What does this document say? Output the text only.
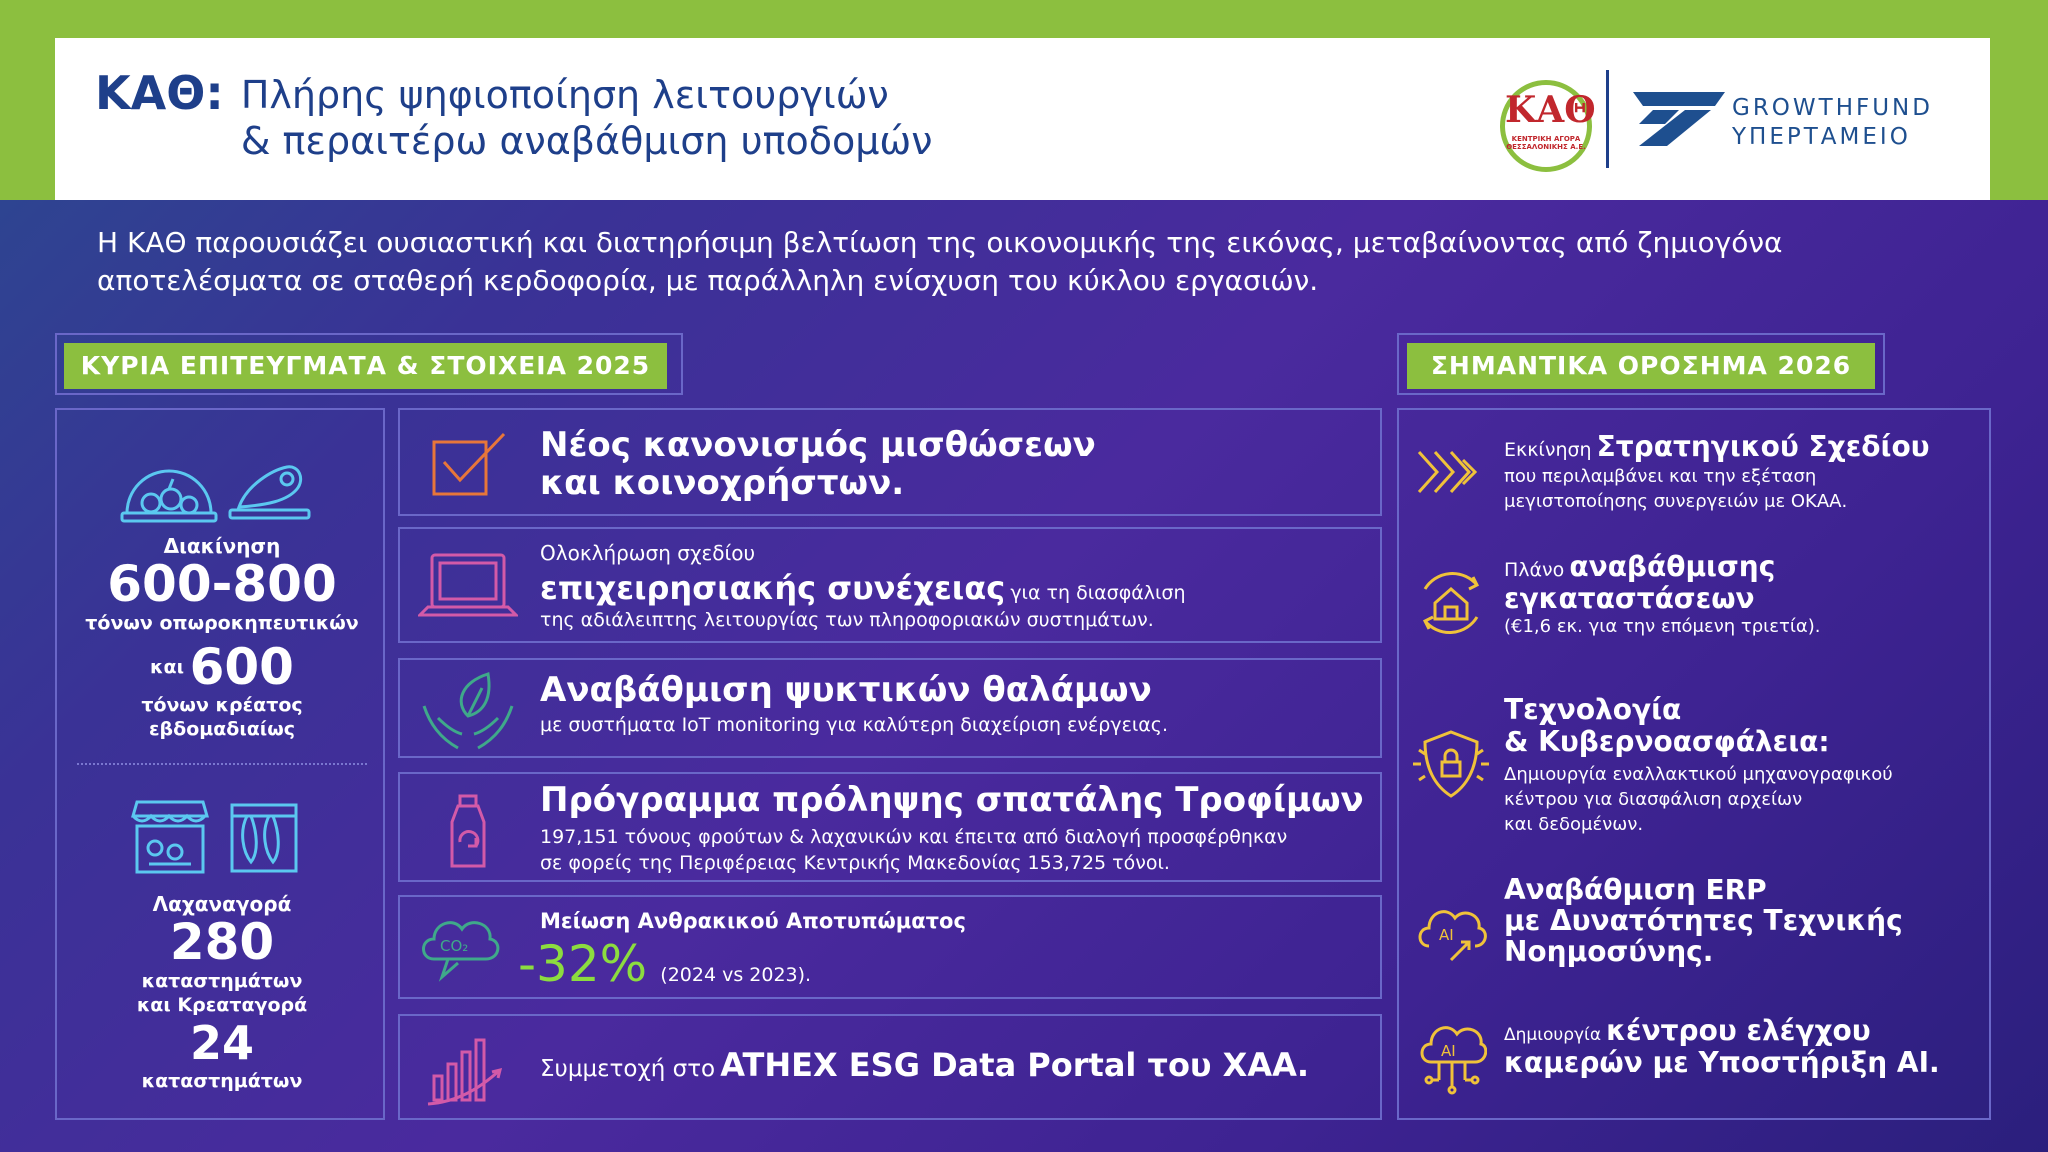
ΚΑΘ: Πλήρης ψηφιοποίηση λειτουργιών
& περαιτέρω αναβάθμιση υποδομών
ΚΑΘ
ΚΕΝΤΡΙΚΗ ΑΓΟΡΑ
ΘΕΣΣΑΛΟΝΙΚΗΣ Α.Ε.
GROWTHFUND
ΥΠΕΡΤΑΜΕΙΟ
Η ΚΑΘ παρουσιάζει ουσιαστική και διατηρήσιμη βελτίωση της οικονομικής της εικόνας, μεταβαίνοντας από ζημιογόνα
αποτελέσματα σε σταθερή κερδοφορία, με παράλληλη ενίσχυση του κύκλου εργασιών.
ΚΥΡΙΑ ΕΠΙΤΕΥΓΜΑΤΑ & ΣΤΟΙΧΕΙΑ 2025	ΣΗΜΑΝΤΙΚΑ ΟΡΟΣΗΜΑ 2026
Διακίνηση
600-800
τόνων οπωροκηπευτικών
και 600
τόνων κρέατος
εβδομαδιαίως
Λαχαναγορά
280
καταστημάτων
και Κρεαταγορά
24
καταστημάτων
Νέος κανονισμός μισθώσεων
και κοινοχρήστων.
Ολοκλήρωση σχεδίου
επιχειρησιακής συνέχειας για τη διασφάλιση
της αδιάλειπτης λειτουργίας των πληροφοριακών συστημάτων.
Αναβάθμιση ψυκτικών θαλάμων
με συστήματα IoT monitoring για καλύτερη διαχείριση ενέργειας.
Πρόγραμμα πρόληψης σπατάλης Τροφίμων
197,151 τόνους φρούτων & λαχανικών και έπειτα από διαλογή προσφέρθηκαν
σε φορείς της Περιφέρειας Κεντρικής Μακεδονίας 153,725 τόνοι.
CO₂
Μείωση Ανθρακικού Αποτυπώματος
-32% (2024 vs 2023).
Συμμετοχή στο ATHEX ESG Data Portal του ΧΑΑ.
Εκκίνηση Στρατηγικού Σχεδίου
που περιλαμβάνει και την εξέταση
μεγιστοποίησης συνεργειών με ΟΚΑΑ.
Πλάνο αναβάθμισης
εγκαταστάσεων
(€1,6 εκ. για την επόμενη τριετία).
Τεχνολογία
& Κυβερνοασφάλεια:
Δημιουργία εναλλακτικού μηχανογραφικού
κέντρου για διασφάλιση αρχείων
και δεδομένων.
AI
Αναβάθμιση ERP
με Δυνατότητες Τεχνικής
Νοημοσύνης.
AI
Δημιουργία κέντρου ελέγχου
καμερών με Υποστήριξη ΑΙ.
